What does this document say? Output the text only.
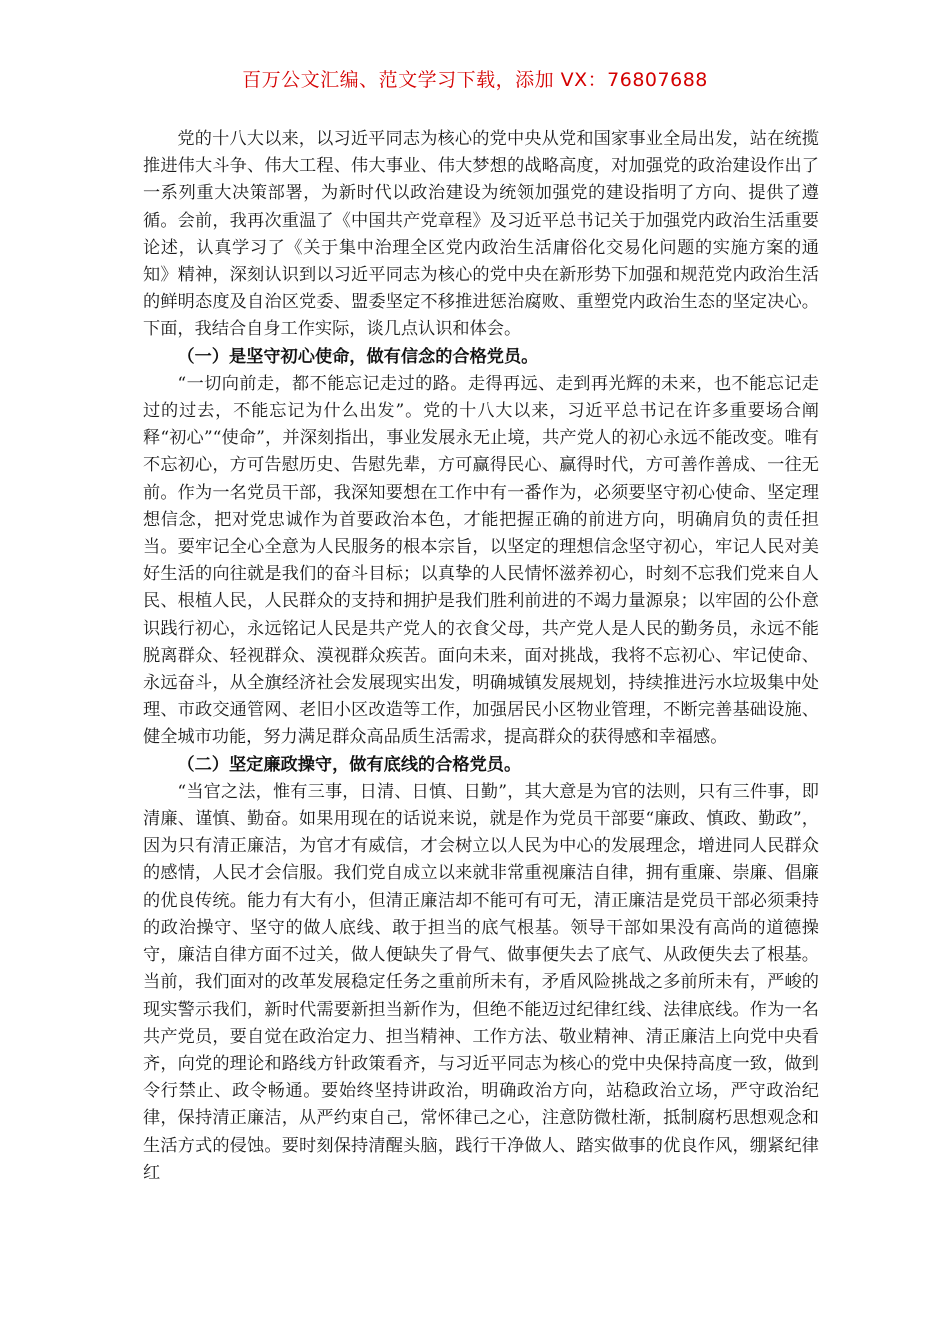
百万公文汇编、范文学习下载，添加 VX：76807688

党的十八大以来，以习近平同志为核心的党中央从党和国家事业全局出发，站在统揽推进伟大斗争、伟大工程、伟大事业、伟大梦想的战略高度，对加强党的政治建设作出了一系列重大决策部署，为新时代以政治建设为统领加强党的建设指明了方向、提供了遵循。会前，我再次重温了《中国共产党章程》及习近平总书记关于加强党内政治生活重要论述，认真学习了《关于集中治理全区党内政治生活庸俗化交易化问题的实施方案的通知》精神，深刻认识到以习近平同志为核心的党中央在新形势下加强和规范党内政治生活的鲜明态度及自治区党委、盟委坚定不移推进惩治腐败、重塑党内政治生态的坚定决心。下面，我结合自身工作实际，谈几点认识和体会。

（一）是坚守初心使命，做有信念的合格党员。

“一切向前走，都不能忘记走过的路。走得再远、走到再光辉的未来，也不能忘记走过的过去，不能忘记为什么出发”。党的十八大以来，习近平总书记在许多重要场合阐释“初心”“使命”，并深刻指出，事业发展永无止境，共产党人的初心永远不能改变。唯有不忘初心，方可告慰历史、告慰先辈，方可赢得民心、赢得时代，方可善作善成、一往无前。作为一名党员干部，我深知要想在工作中有一番作为，必须要坚守初心使命、坚定理想信念，把对党忠诚作为首要政治本色，才能把握正确的前进方向，明确肩负的责任担当。要牢记全心全意为人民服务的根本宗旨，以坚定的理想信念坚守初心，牢记人民对美好生活的向往就是我们的奋斗目标；以真挚的人民情怀滋养初心，时刻不忘我们党来自人民、根植人民，人民群众的支持和拥护是我们胜利前进的不竭力量源泉；以牢固的公仆意识践行初心，永远铭记人民是共产党人的衣食父母，共产党人是人民的勤务员，永远不能脱离群众、轻视群众、漠视群众疾苦。面向未来，面对挑战，我将不忘初心、牢记使命、永远奋斗，从全旗经济社会发展现实出发，明确城镇发展规划，持续推进污水垃圾集中处理、市政交通管网、老旧小区改造等工作，加强居民小区物业管理，不断完善基础设施、健全城市功能，努力满足群众高品质生活需求，提高群众的获得感和幸福感。

（二）坚定廉政操守，做有底线的合格党员。

“当官之法，惟有三事，日清、日慎、日勤”，其大意是为官的法则，只有三件事，即清廉、谨慎、勤奋。如果用现在的话说来说，就是作为党员干部要“廉政、慎政、勤政”，因为只有清正廉洁，为官才有威信，才会树立以人民为中心的发展理念，增进同人民群众的感情，人民才会信服。我们党自成立以来就非常重视廉洁自律，拥有重廉、崇廉、倡廉的优良传统。能力有大有小，但清正廉洁却不能可有可无，清正廉洁是党员干部必须秉持的政治操守、坚守的做人底线、敢于担当的底气根基。领导干部如果没有高尚的道德操守，廉洁自律方面不过关，做人便缺失了骨气、做事便失去了底气、从政便失去了根基。当前，我们面对的改革发展稳定任务之重前所未有，矛盾风险挑战之多前所未有，严峻的现实警示我们，新时代需要新担当新作为，但绝不能迈过纪律红线、法律底线。作为一名共产党员，要自觉在政治定力、担当精神、工作方法、敬业精神、清正廉洁上向党中央看齐，向党的理论和路线方针政策看齐，与习近平同志为核心的党中央保持高度一致，做到令行禁止、政令畅通。要始终坚持讲政治，明确政治方向，站稳政治立场，严守政治纪律，保持清正廉洁，从严约束自己，常怀律己之心，注意防微杜渐，抵制腐朽思想观念和生活方式的侵蚀。要时刻保持清醒头脑，践行干净做人、踏实做事的优良作风，绷紧纪律红
